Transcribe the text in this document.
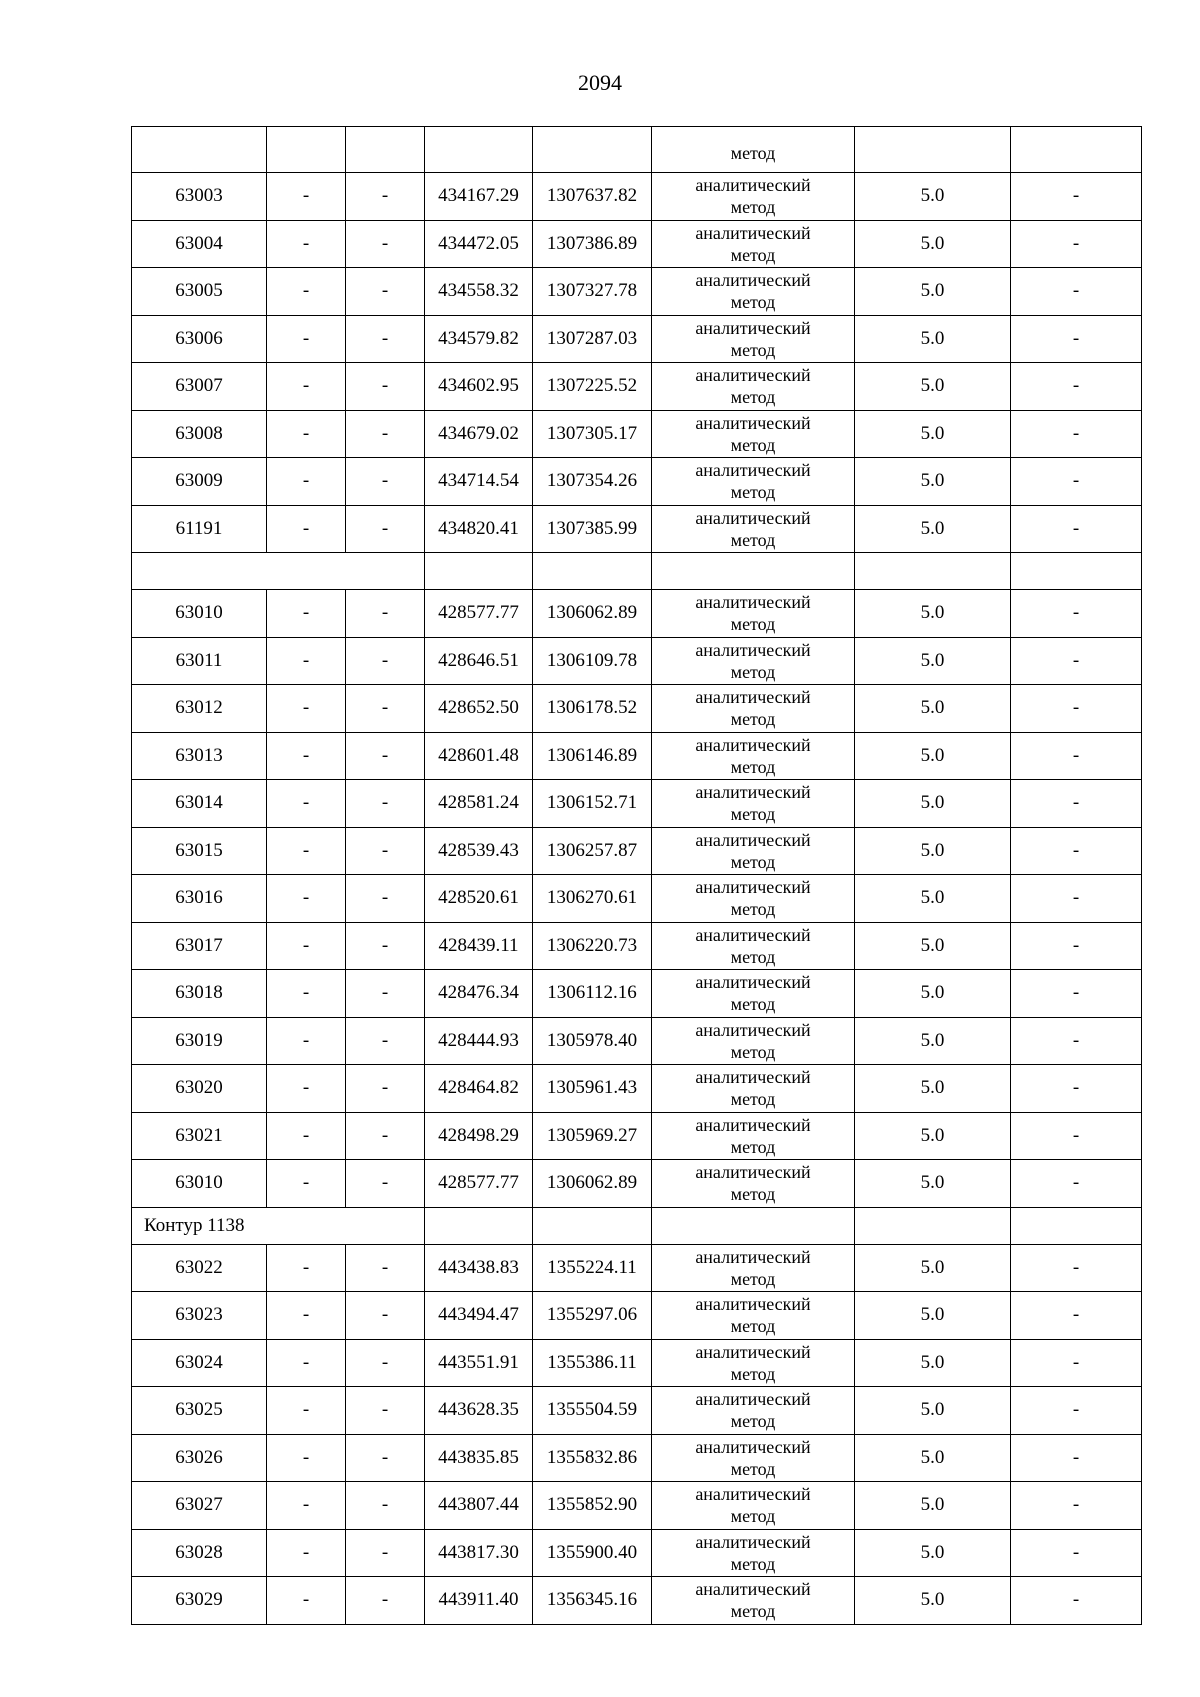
2094
					метод		
63003	-	-	434167.29	1307637.82	аналитический
метод	5.0	-
63004	-	-	434472.05	1307386.89	аналитический
метод	5.0	-
63005	-	-	434558.32	1307327.78	аналитический
метод	5.0	-
63006	-	-	434579.82	1307287.03	аналитический
метод	5.0	-
63007	-	-	434602.95	1307225.52	аналитический
метод	5.0	-
63008	-	-	434679.02	1307305.17	аналитический
метод	5.0	-
63009	-	-	434714.54	1307354.26	аналитический
метод	5.0	-
61191	-	-	434820.41	1307385.99	аналитический
метод	5.0	-

63010	-	-	428577.77	1306062.89	аналитический
метод	5.0	-
63011	-	-	428646.51	1306109.78	аналитический
метод	5.0	-
63012	-	-	428652.50	1306178.52	аналитический
метод	5.0	-
63013	-	-	428601.48	1306146.89	аналитический
метод	5.0	-
63014	-	-	428581.24	1306152.71	аналитический
метод	5.0	-
63015	-	-	428539.43	1306257.87	аналитический
метод	5.0	-
63016	-	-	428520.61	1306270.61	аналитический
метод	5.0	-
63017	-	-	428439.11	1306220.73	аналитический
метод	5.0	-
63018	-	-	428476.34	1306112.16	аналитический
метод	5.0	-
63019	-	-	428444.93	1305978.40	аналитический
метод	5.0	-
63020	-	-	428464.82	1305961.43	аналитический
метод	5.0	-
63021	-	-	428498.29	1305969.27	аналитический
метод	5.0	-
63010	-	-	428577.77	1306062.89	аналитический
метод	5.0	-
Контур 1138							
63022	-	-	443438.83	1355224.11	аналитический
метод	5.0	-
63023	-	-	443494.47	1355297.06	аналитический
метод	5.0	-
63024	-	-	443551.91	1355386.11	аналитический
метод	5.0	-
63025	-	-	443628.35	1355504.59	аналитический
метод	5.0	-
63026	-	-	443835.85	1355832.86	аналитический
метод	5.0	-
63027	-	-	443807.44	1355852.90	аналитический
метод	5.0	-
63028	-	-	443817.30	1355900.40	аналитический
метод	5.0	-
63029	-	-	443911.40	1356345.16	аналитический
метод	5.0	-
